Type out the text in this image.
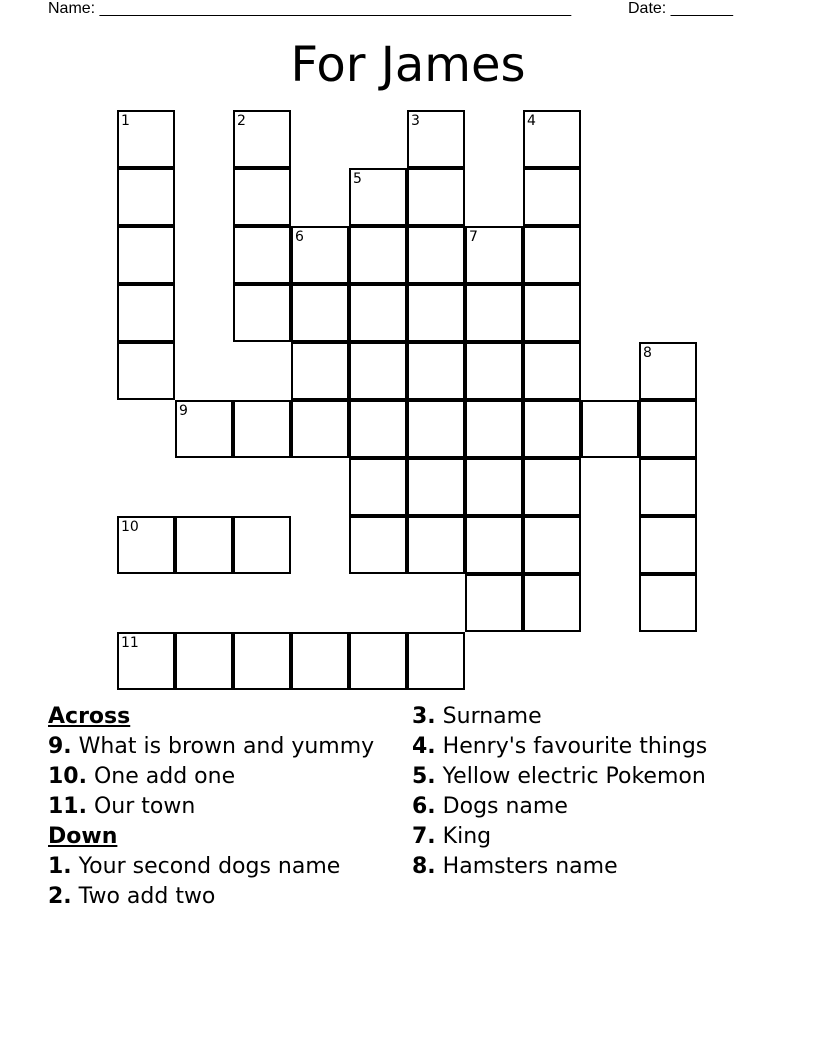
Name: _____________________________________________________	Date: _______
For James
1	2	3	4
5
6	7
8
9
10
11
Across
9. What is brown and yummy
10. One add one
11. Our town
Down
1. Your second dogs name
2. Two add two
3. Surname
4. Henry's favourite things
5. Yellow electric Pokemon
6. Dogs name
7. King
8. Hamsters name
